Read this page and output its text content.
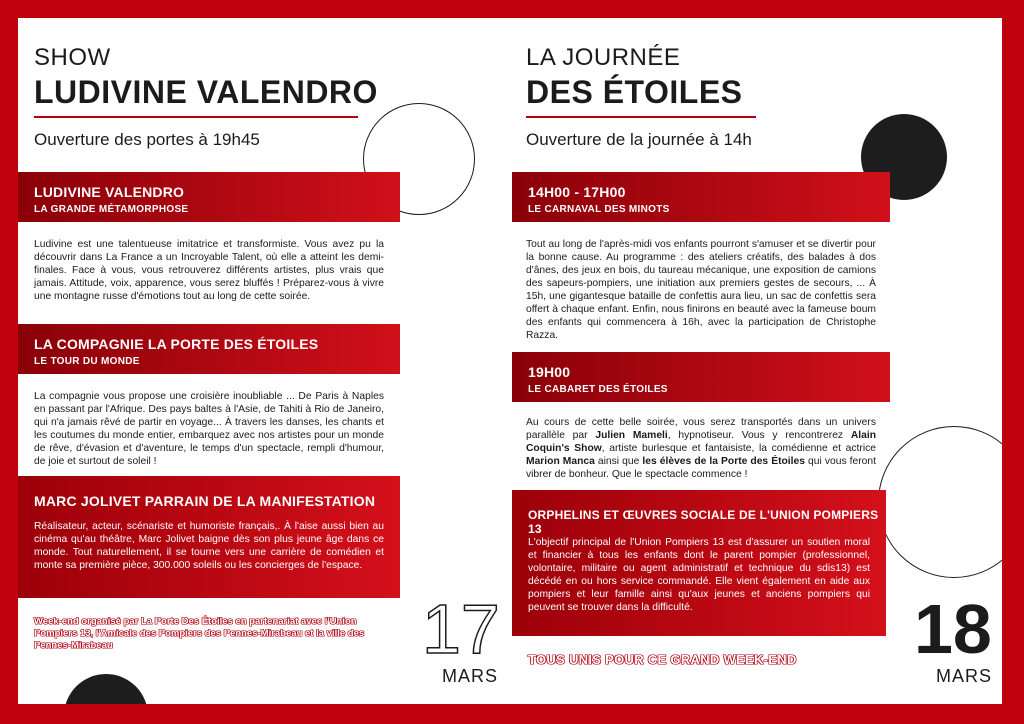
SHOW
LUDIVINE VALENDRO
Ouverture des portes à 19h45
LUDIVINE VALENDRO
LA GRANDE MÉTAMORPHOSE
Ludivine est une talentueuse imitatrice et transformiste. Vous avez pu la découvrir dans La France a un Incroyable Talent, où elle a atteint les demi-finales. Face à vous, vous retrouverez différents artistes, plus vrais que jamais. Attitude, voix, apparence, vous serez bluffés ! Préparez-vous à vivre une montagne russe d'émotions tout au long de cette soirée.
LA COMPAGNIE LA PORTE DES ÉTOILES
LE TOUR DU MONDE
La compagnie vous propose une croisière inoubliable ... De Paris à Naples en passant par l'Afrique. Des pays baltes à l'Asie, de Tahiti à Rio de Janeiro, qui n'a jamais rêvé de partir en voyage... À travers les danses, les chants et les coutumes du monde entier, embarquez avec nos artistes pour un monde de rêve, d'évasion et d'aventure, le temps d'un spectacle, rempli d'humour, de joie et surtout de soleil !
MARC JOLIVET PARRAIN DE LA MANIFESTATION
Réalisateur, acteur, scénariste et humoriste français,. À l'aise aussi bien au cinéma qu'au théâtre, Marc Jolivet baigne dès son plus jeune âge dans ce monde. Tout naturellement, il se tourne vers une carrière de comédien et monte sa première pièce, 300.000 soleils ou les concierges de l'espace.
Week-end organisé par La Porte Des Étoiles en partenariat avec l'Union Pompiers 13, l'Amicale des Pompiers des Pennes-Mirabeau et la ville des Pennes-Mirabeau	17
MARS
LA JOURNÉE
DES ÉTOILES
Ouverture de la journée à 14h
14H00 - 17H00
LE CARNAVAL DES MINOTS
Tout au long de l'après-midi vos enfants pourront s'amuser et se divertir pour la bonne cause. Au programme : des ateliers créatifs, des balades à dos d'ânes, des jeux en bois, du taureau mécanique, une exposition de camions des sapeurs-pompiers, une initiation aux premiers gestes de secours, ... À 15h, une gigantesque bataille de confettis aura lieu, un sac de confettis sera offert à chaque enfant. Enfin, nous finirons en beauté avec la fameuse boum des enfants qui commencera à 16h, avec la participation de Christophe Razza.
19H00
LE CABARET DES ÉTOILES
Au cours de cette belle soirée, vous serez transportés dans un univers parallèle par Julien Mameli, hypnotiseur. Vous y rencontrerez Alain Coquin's Show, artiste burlesque et fantaisiste, la comédienne et actrice Marion Manca ainsi que les élèves de la Porte des Étoiles qui vous feront vibrer de bonheur. Que le spectacle commence !
ORPHELINS ET ŒUVRES SOCIALE DE L'UNION POMPIERS 13
L'objectif principal de l'Union Pompiers 13 est d'assurer un soutien moral et financier à tous les enfants dont le parent pompier (professionnel, volontaire, militaire ou agent administratif et technique du sdis13) est décédé en ou hors service commandé. Elle vient également en aide aux pompiers et leur famille ainsi qu'aux jeunes et anciens pompiers qui peuvent se trouver dans la difficulté.
TOUS UNIS POUR CE GRAND WEEK-END 18
MARS
